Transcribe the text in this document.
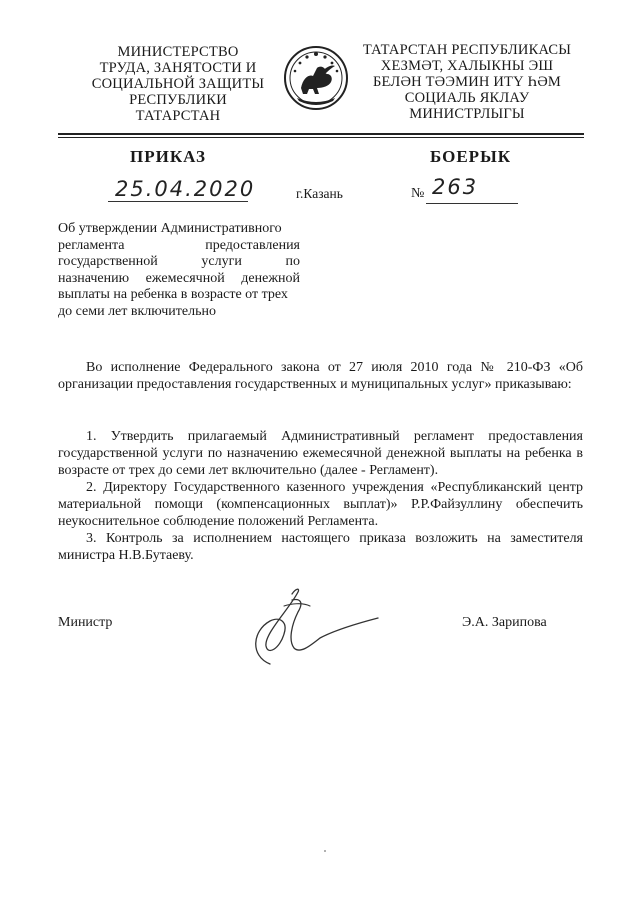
МИНИСТЕРСТВО
ТРУДА, ЗАНЯТОСТИ И
СОЦИАЛЬНОЙ ЗАЩИТЫ
РЕСПУБЛИКИ
ТАТАРСТАН
ТАТАРСТАН РЕСПУБЛИКАСЫ
ХЕЗМӘТ, ХАЛЫКНЫ ЭШ
БЕЛӘН ТӘЭМИН ИТҮ ҺӘМ
СОЦИАЛЬ ЯКЛАУ
МИНИСТРЛЫГЫ
ПРИКАЗ	БОЕРЫК
25.04.2020	г.Казань	№ 263
Об утверждении Административного
регламента	предоставления
государственной	услуги	по
назначению ежемесячной денежной
выплаты на ребенка в возрасте от трех
до семи лет включительно

Во исполнение Федерального закона от 27 июля 2010 года № 210-ФЗ «Об организации предоставления государственных и муниципальных услуг» приказываю:

1. Утвердить прилагаемый Административный регламент предоставления государственной услуги по назначению ежемесячной денежной выплаты на ребенка в возрасте от трех до семи лет включительно (далее - Регламент).

2. Директору Государственного казенного учреждения «Республиканский центр материальной помощи (компенсационных выплат)» Р.Р.Файзуллину обеспечить неукоснительное соблюдение положений Регламента.

3. Контроль за исполнением настоящего приказа возложить на заместителя министра Н.В.Бутаеву.

Министр	Э.А. Зарипова
